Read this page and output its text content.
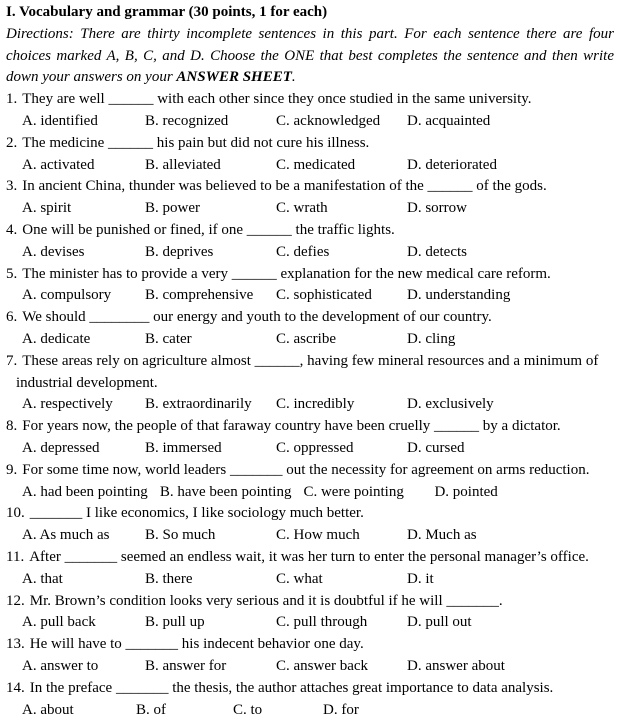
I. Vocabulary and grammar (30 points, 1 for each)
Directions: There are thirty incomplete sentences in this part. For each sentence there are four choices marked A, B, C, and D. Choose the ONE that best completes the sentence and then write down your answers on your ANSWER SHEET.
1. They are well ______ with each other since they once studied in the same university.
A. identified	B. recognized	C. acknowledged D. acquainted
2. The medicine ______ his pain but did not cure his illness.
A. activated	B. alleviated	C. medicated	D. deteriorated
3. In ancient China, thunder was believed to be a manifestation of the ______ of the gods.
A. spirit	B. power	C. wrath	D. sorrow
4. One will be punished or fined, if one ______ the traffic lights.
A. devises	B. deprives	C. defies	D. detects
5. The minister has to provide a very ______ explanation for the new medical care reform.
A. compulsory B. comprehensive C. sophisticated D. understanding
6. We should ________ our energy and youth to the development of our country.
A. dedicate	B. cater	C. ascribe	D. cling
7. These areas rely on agriculture almost ______, having few mineral resources and a minimum of
industrial development.
A. respectively B. extraordinarily C. incredibly	D. exclusively
8. For years now, the people of that faraway country have been cruelly ______ by a dictator.
A. depressed	B. immersed	C. oppressed	D. cursed
9. For some time now, world leaders _______ out the necessity for agreement on arms reduction.
A. had been pointing B. have been pointing C. were pointing D. pointed
10. _______ I like economics, I like sociology much better.
A. As much as B. So much	C. How much	D. Much as
11. After _______ seemed an endless wait, it was her turn to enter the personal manager’s office.
A. that	B. there	C. what	D. it
12. Mr. Brown’s condition looks very serious and it is doubtful if he will _______.
A. pull back	B. pull up	C. pull through	D. pull out
13. He will have to _______ his indecent behavior one day.
A. answer to	B. answer for	C. answer back	D. answer about
14. In the preface _______ the thesis, the author attaches great importance to data analysis.
A. about	B. of	C. to	D. for
